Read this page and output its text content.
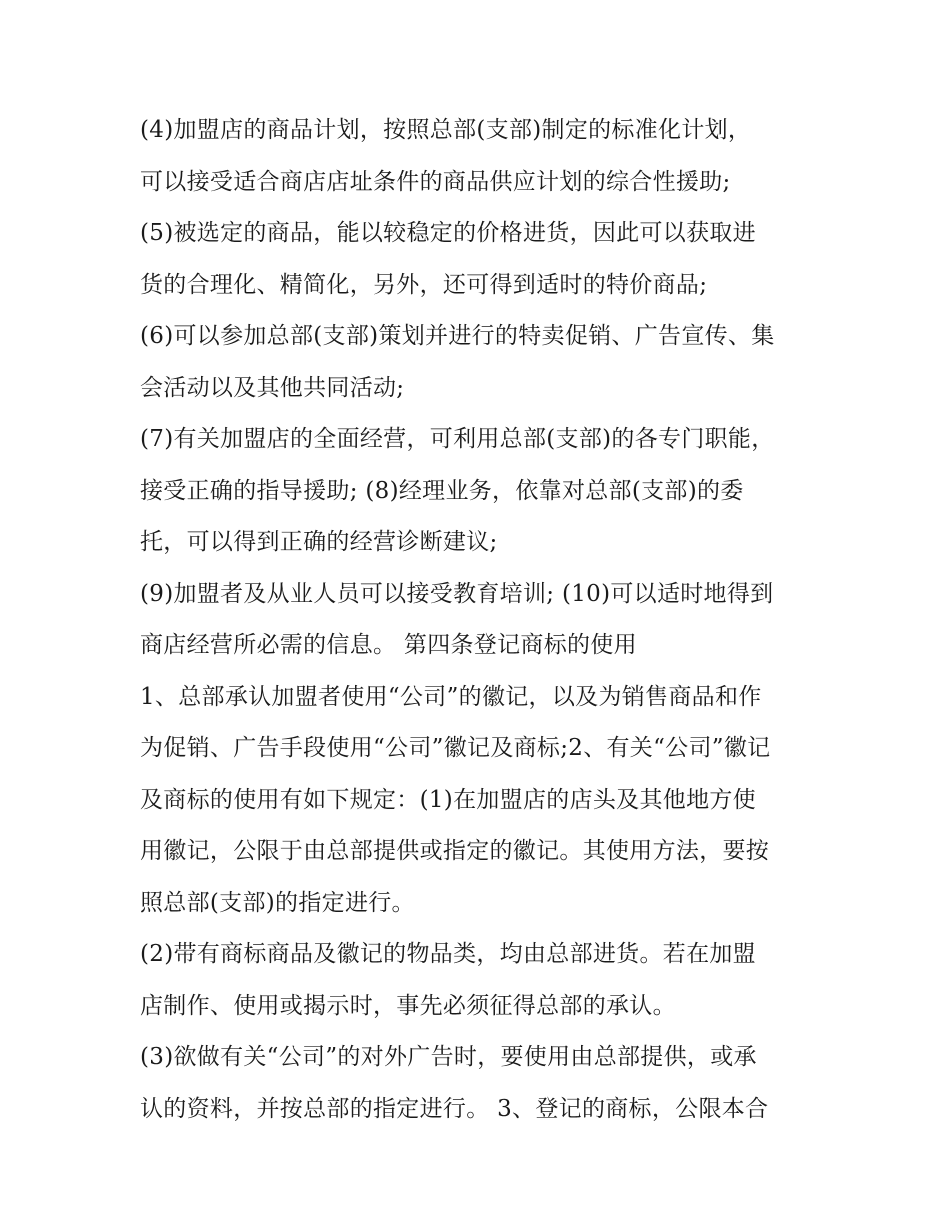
(4)加盟店的商品计划，按照总部(支部)制定的标准化计划，
可以接受适合商店店址条件的商品供应计划的综合性援助;
(5)被选定的商品，能以较稳定的价格进货，因此可以获取进
货的合理化、精简化，另外，还可得到适时的特价商品;
(6)可以参加总部(支部)策划并进行的特卖促销、广告宣传、集
会活动以及其他共同活动;
(7)有关加盟店的全面经营，可利用总部(支部)的各专门职能，
接受正确的指导援助; (8)经理业务，依靠对总部(支部)的委
托，可以得到正确的经营诊断建议;
(9)加盟者及从业人员可以接受教育培训; (10)可以适时地得到
商店经营所必需的信息。 第四条登记商标的使用
1、总部承认加盟者使用“公司”的徽记，以及为销售商品和作
为促销、广告手段使用“公司”徽记及商标;2、有关“公司”徽记
及商标的使用有如下规定：(1)在加盟店的店头及其他地方使
用徽记，公限于由总部提供或指定的徽记。其使用方法，要按
照总部(支部)的指定进行。
(2)带有商标商品及徽记的物品类，均由总部进货。若在加盟
店制作、使用或揭示时，事先必须征得总部的承认。
(3)欲做有关“公司”的对外广告时，要使用由总部提供，或承
认的资料，并按总部的指定进行。 3、登记的商标，公限本合
